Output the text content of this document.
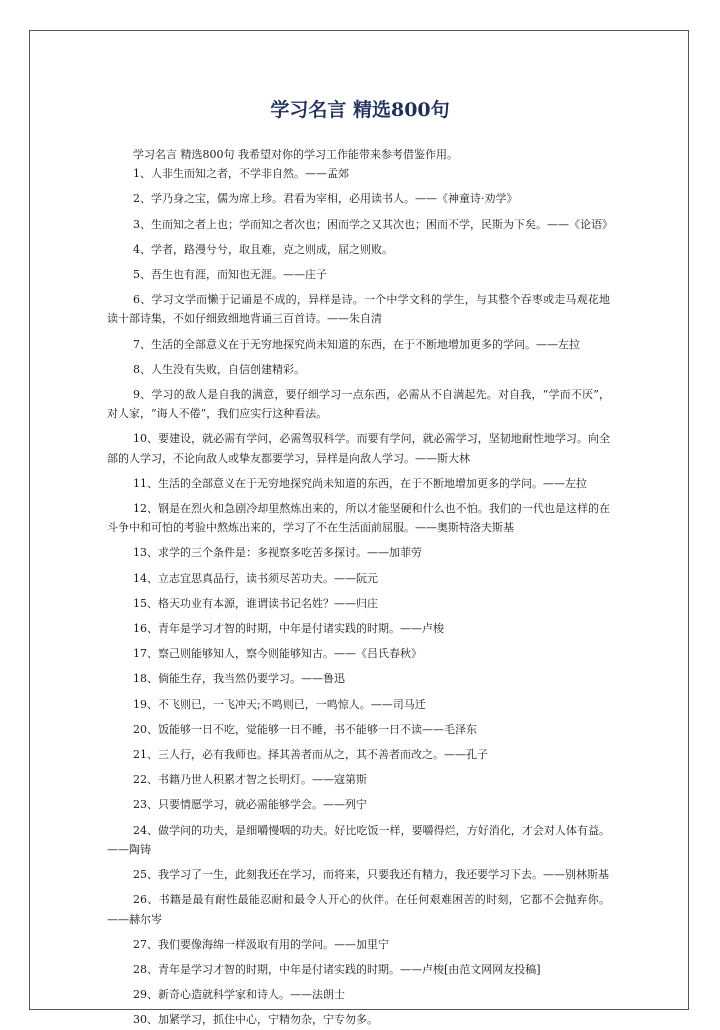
学习名言 精选800句

学习名言 精选800句 我希望对你的学习工作能带来参考借鉴作用。

1、人非生而知之者，不学非自然。——孟郊

2、学乃身之宝，儒为席上珍。君看为宰相，必用读书人。——《神童诗·劝学》

3、生而知之者上也；学而知之者次也；困而学之又其次也；困而不学，民斯为下矣。——《论语》

4、学者，路漫兮兮，取且难，克之则成，屈之则败。

5、吾生也有涯，而知也无涯。——庄子

6、学习文学而懒于记诵是不成的，异样是诗。一个中学文科的学生，与其整个吞枣或走马观花地读十部诗集，不如仔细致细地背诵三百首诗。——朱自清

7、生活的全部意义在于无穷地探究尚未知道的东西，在于不断地增加更多的学问。——左拉

8、人生没有失败，自信创建精彩。

9、学习的敌人是自我的满意，要仔细学习一点东西，必需从不自满起先。对自我，“学而不厌”，对人家，“诲人不倦”，我们应实行这种看法。

10、要建设，就必需有学问，必需驾驭科学。而要有学问，就必需学习，坚韧地耐性地学习。向全部的人学习，不论向敌人或挚友都要学习，异样是向敌人学习。——斯大林

11、生活的全部意义在于无穷地探究尚未知道的东西，在于不断地增加更多的学问。——左拉

12、钢是在烈火和急剧冷却里熬炼出来的，所以才能坚硬和什么也不怕。我们的一代也是这样的在斗争中和可怕的考验中熬炼出来的，学习了不在生活面前屈服。——奥斯特洛夫斯基

13、求学的三个条件是：多视察多吃苦多探讨。——加菲劳

14、立志宜思真品行，读书须尽苦功夫。——阮元

15、格天功业有本源，谁谓读书记名姓？——归庄

16、青年是学习才智的时期，中年是付诸实践的时期。——卢梭

17、察己则能够知人，察今则能够知古。——《吕氏春秋》

18、倘能生存，我当然仍要学习。——鲁迅

19、不飞则已，一飞冲天;不鸣则已，一鸣惊人。——司马迁

20、饭能够一日不吃，觉能够一日不睡，书不能够一日不读——毛泽东

21、三人行，必有我师也。择其善者而从之，其不善者而改之。——孔子

22、书籍乃世人积累才智之长明灯。——寇第斯

23、只要情愿学习，就必需能够学会。——列宁

24、做学问的功夫，是细嚼慢咽的功夫。好比吃饭一样，要嚼得烂，方好消化，才会对人体有益。——陶铸

25、我学习了一生，此刻我还在学习，而将来，只要我还有精力，我还要学习下去。——别林斯基

26、书籍是最有耐性最能忍耐和最令人开心的伙伴。在任何艰难困苦的时刻，它都不会抛弃你。——赫尔岑

27、我们要像海绵一样汲取有用的学问。——加里宁

28、青年是学习才智的时期，中年是付诸实践的时期。——卢梭[由范文网网友投稿]

29、新奇心造就科学家和诗人。——法朗士

30、加紧学习，抓住中心，宁精勿杂，宁专勿多。
